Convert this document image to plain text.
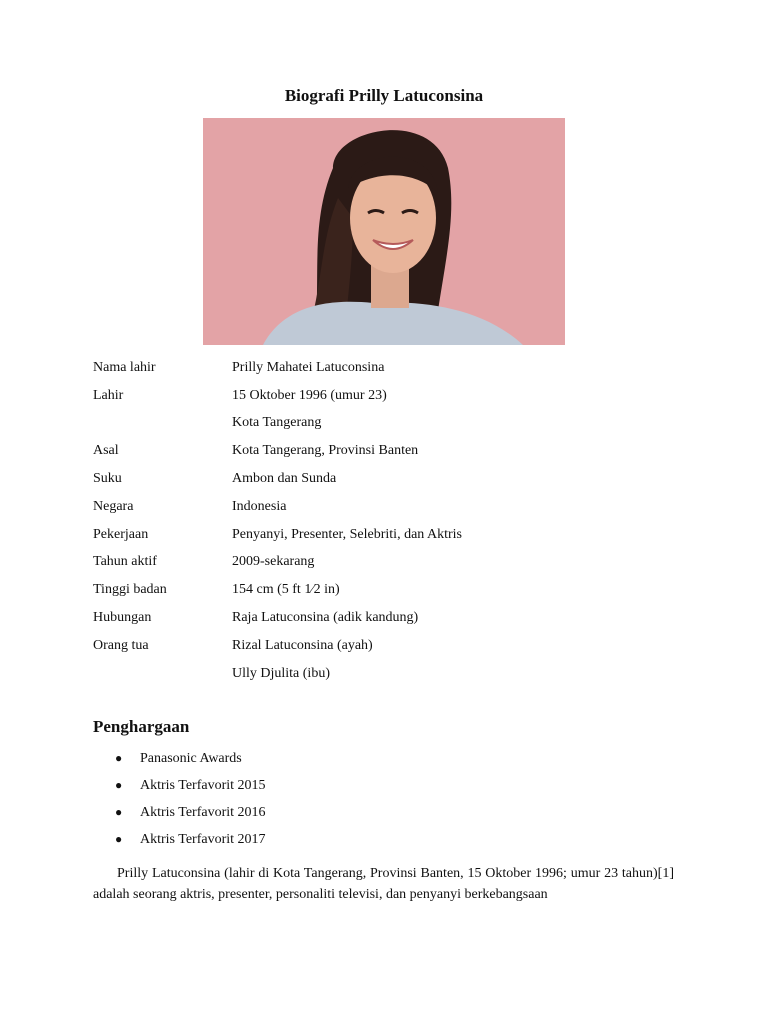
Biografi Prilly Latuconsina
Nama lahir	Prilly Mahatei Latuconsina
Lahir	15 Oktober 1996 (umur 23)
Kota Tangerang
Asal	Kota Tangerang, Provinsi Banten
Suku	Ambon dan Sunda
Negara	Indonesia
Pekerjaan	Penyanyi, Presenter, Selebriti, dan Aktris
Tahun aktif	2009-sekarang
Tinggi badan	154 cm (5 ft 1⁄2 in)
Hubungan	Raja Latuconsina (adik kandung)
Orang tua	Rizal Latuconsina (ayah)
Ully Djulita (ibu)
Penghargaan
●	Panasonic Awards
●	Aktris Terfavorit 2015
●	Aktris Terfavorit 2016
●	Aktris Terfavorit 2017

Prilly Latuconsina (lahir di Kota Tangerang, Provinsi Banten, 15 Oktober 1996; umur 23 tahun)[1] adalah seorang aktris, presenter, personaliti televisi, dan penyanyi berkebangsaan
